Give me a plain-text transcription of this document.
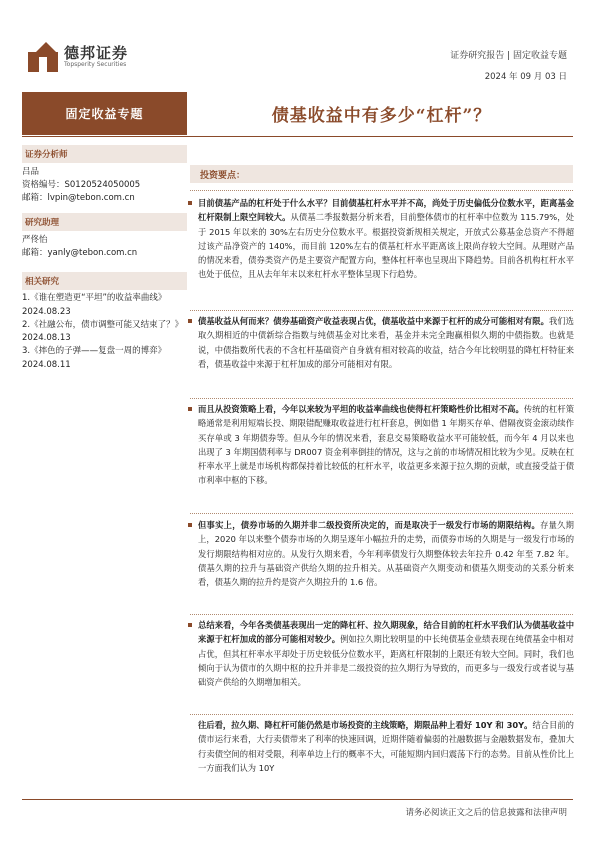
德邦证券
Topsperity Securities
证券研究报告 | 固定收益专题
2024 年 09 月 03 日
固定收益专题	债基收益中有多少“杠杆”？
证券分析师
吕品
资格编号：S0120524050005
邮箱：lvpin@tebon.com.cn
研究助理
严佟怡
邮箱：yanly@tebon.com.cn
相关研究
1.《谁在塑造更“平坦”的收益率曲线》
2024.08.23
2.《社融公布，债市调整可能又结束了？》
2024.08.13
3.《摔色的子弹——复盘一周的博弈》
2024.08.11
投资要点：

目前债基产品的杠杆处于什么水平？目前债基杠杆水平并不高，尚处于历史偏低分位数水平，距离基金杠杆限制上限空间较大。从债基二季报数据分析来看，目前整体债市的杠杆率中位数为 115.79%，处于 2015 年以来的 30%左右历史分位数水平。根据投资新规相关规定，开放式公募基金总资产不得超过该产品净资产的 140%，而目前 120%左右的债基杠杆水平距离该上限尚存较大空间。从理财产品的情况来看，债券类资产仍是主要资产配置方向，整体杠杆率也呈现出下降趋势。目前各机构杠杆水平也处于低位，且从去年年末以来杠杆水平整体呈现下行趋势。

债基收益从何而来？债券基础资产收益表现占优，债基收益中来源于杠杆的成分可能相对有限。我们选取久期相近的中债新综合指数与纯债基金对比来看，基金并未完全跑赢相似久期的中债指数。也就是说，中债指数所代表的不含杠杆基础资产自身就有相对较高的收益，结合今年比较明显的降杠杆特征来看，债基收益中来源于杠杆加成的部分可能相对有限。

而且从投资策略上看，今年以来较为平坦的收益率曲线也使得杠杆策略性价比相对不高。传统的杠杆策略通常是利用短端长投、期限错配赚取收益进行杠杆套息，例如借 1 年期买存单、借隔夜资金滚动续作买存单或 3 年期债券等。但从今年的情况来看，套息交易策略收益水平可能较低，而今年 4 月以来也出现了 3 年期国债利率与 DR007 资金利率倒挂的情况，这与之前的市场情况相比较为少见。反映在杠杆率水平上就是市场机构都保持着比较低的杠杆水平，收益更多来源于拉久期的贡献，或直接受益于债市利率中枢的下移。

但事实上，债券市场的久期并非二级投资所决定的，而是取决于一级发行市场的期限结构。存量久期上，2020 年以来整个债券市场的久期呈逐年小幅拉升的走势，而债券市场的久期是与一级发行市场的发行期限结构相对应的。从发行久期来看，今年利率债发行久期整体较去年拉升 0.42 年至 7.82 年。债基久期的拉升与基础资产供给久期的拉升相关。从基础资产久期变动和债基久期变动的关系分析来看，债基久期的拉升约是资产久期拉升的 1.6 倍。

总结来看，今年各类债基表现出一定的降杠杆、拉久期现象，结合目前的杠杆水平我们认为债基收益中来源于杠杆加成的部分可能相对较少。例如拉久期比较明显的中长纯债基金业绩表现在纯债基金中相对占优，但其杠杆率水平却处于历史较低分位数水平，距离杠杆限制的上限还有较大空间。同时，我们也倾向于认为债市的久期中枢的拉升并非是二级投资的拉久期行为导致的，而更多与一级发行或者说与基础资产供给的久期增加相关。

往后看，拉久期、降杠杆可能仍然是市场投资的主线策略，期限品种上看好 10Y 和 30Y。结合目前的债市运行来看，大行卖债带来了利率的快速回调，近期伴随着偏弱的社融数据与金融数据发布，叠加大行卖债空间的相对受限，利率单边上行的概率不大，可能短期内回归震荡下行的态势。目前从性价比上一方面我们认为 10Y

请务必阅读正文之后的信息披露和法律声明
